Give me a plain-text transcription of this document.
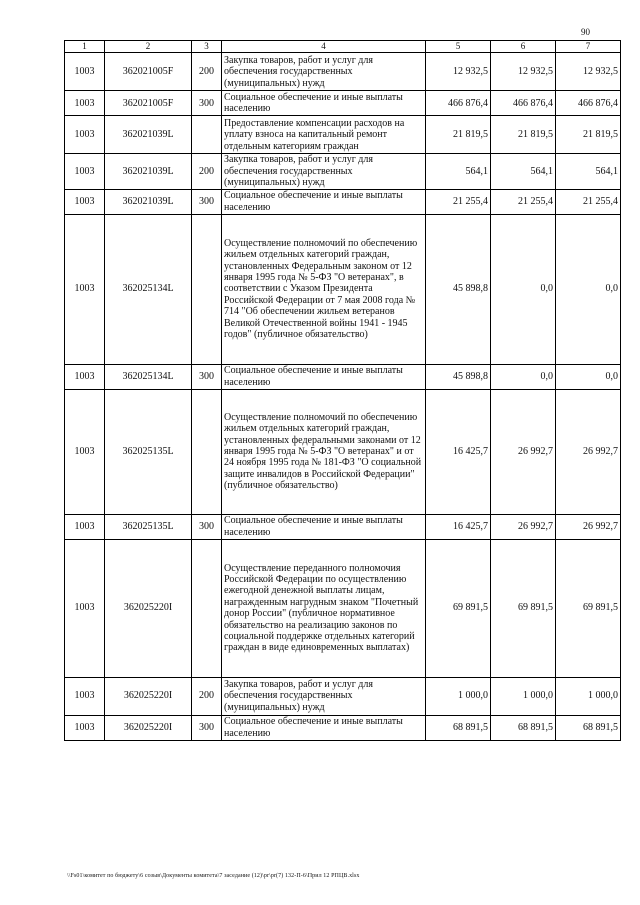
90
1	2	3	4	5	6	7
1003	362021005F	200	Закупка товаров, работ и услуг для обеспечения государственных (муниципальных) нужд	12 932,5	12 932,5	12 932,5
1003	362021005F	300	Социальное обеспечение и иные выплаты населению	466 876,4	466 876,4	466 876,4
1003	362021039L		Предоставление компенсации расходов на уплату взноса на капитальный ремонт отдельным категориям граждан	21 819,5	21 819,5	21 819,5
1003	362021039L	200	Закупка товаров, работ и услуг для обеспечения государственных (муниципальных) нужд	564,1	564,1	564,1
1003	362021039L	300	Социальное обеспечение и иные выплаты населению	21 255,4	21 255,4	21 255,4
1003	362025134L		Осуществление полномочий по обеспечению жильем отдельных категорий граждан, установленных Федеральным законом от 12 января 1995 года № 5-ФЗ "О ветеранах", в соответствии с Указом Президента Российской Федерации от 7 мая 2008 года № 714 "Об обеспечении жильем ветеранов Великой Отечественной войны 1941 - 1945 годов" (публичное обязательство)	45 898,8	0,0	0,0
1003	362025134L	300	Социальное обеспечение и иные выплаты населению	45 898,8	0,0	0,0
1003	362025135L		Осуществление полномочий по обеспечению жильем отдельных категорий граждан, установленных федеральными законами от 12 января 1995 года № 5-ФЗ "О ветеранах" и от 24 ноября 1995 года № 181-ФЗ "О социальной защите инвалидов в Российской Федерации" (публичное обязательство)	16 425,7	26 992,7	26 992,7
1003	362025135L	300	Социальное обеспечение и иные выплаты населению	16 425,7	26 992,7	26 992,7
1003	362025220I		Осуществление переданного полномочия Российской Федерации по осуществлению ежегодной денежной выплаты лицам, награжденным нагрудным знаком "Почетный донор России" (публичное нормативное обязательство на реализацию законов по социальной поддержке отдельных категорий граждан в виде единовременных выплатах)	69 891,5	69 891,5	69 891,5
1003	362025220I	200	Закупка товаров, работ и услуг для обеспечения государственных (муниципальных) нужд	1 000,0	1 000,0	1 000,0
1003	362025220I	300	Социальное обеспечение и иные выплаты населению	68 891,5	68 891,5	68 891,5
\\Fs01\комитет по бюджету\6 созыв\Документы комитета\7 заседание (12)\pr\pr(7) 132-П-6\Прил 12 РПЦВ.xlsx
